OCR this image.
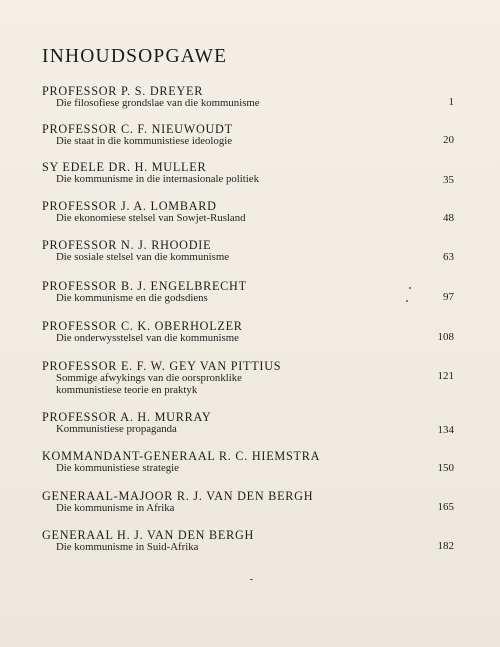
INHOUDSOPGAWE
PROFESSOR P. S. DREYER
Die filosofiese grondslae van die kommunisme	1
PROFESSOR C. F. NIEUWOUDT
Die staat in die kommunistiese ideologie	20
SY EDELE DR. H. MULLER
Die kommunisme in die internasionale politiek	35
PROFESSOR J. A. LOMBARD
Die ekonomiese stelsel van Sowjet-Rusland	48
PROFESSOR N. J. RHOODIE
Die sosiale stelsel van die kommunisme	63
PROFESSOR B. J. ENGELBRECHT
Die kommunisme en die godsdiens	97
PROFESSOR C. K. OBERHOLZER
Die onderwysstelsel van die kommunisme	108
PROFESSOR E. F. W. GEY VAN PITTIUS
Sommige afwykings van die oorspronklike
kommunistiese teorie en praktyk
121
PROFESSOR A. H. MURRAY
Kommunistiese propaganda	134
KOMMANDANT-GENERAAL R. C. HIEMSTRA
Die kommunistiese strategie	150
GENERAAL-MAJOOR R. J. VAN DEN BERGH
Die kommunisme in Afrika	165
GENERAAL H. J. VAN DEN BERGH
Die kommunisme in Suid-Afrika	182
